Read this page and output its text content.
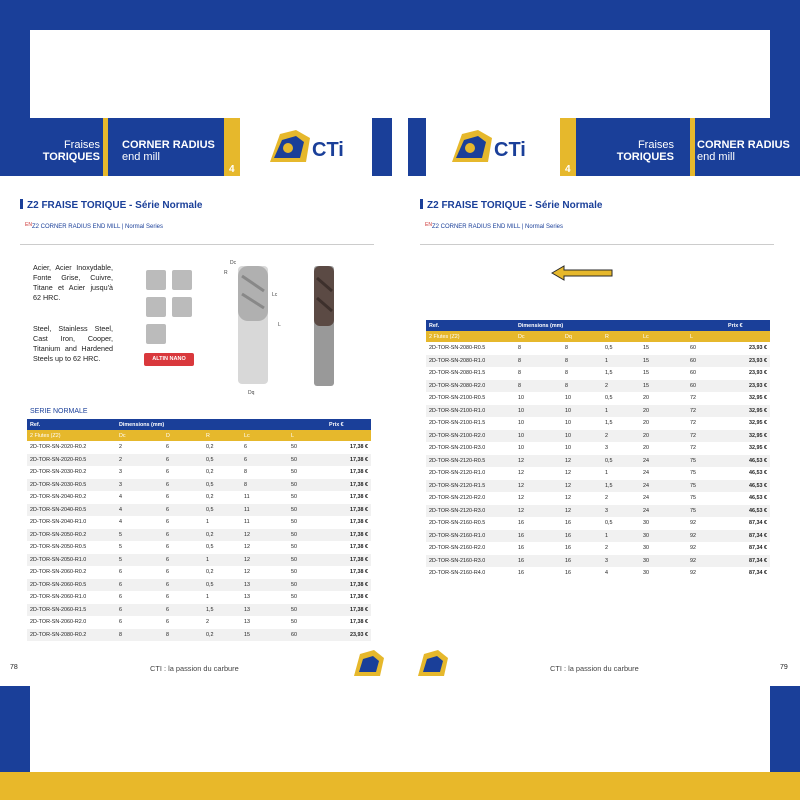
Fraises
TORIQUES
CORNER RADIUS
end mill
4
CTi
Z2 FRAISE TORIQUE - Série Normale
$^{EN}$Z2 CORNER RADIUS END MILL | Normal Series
Acier, Acier Inoxydable, Fonte Grise, Cuivre, Titane et Acier jusqu'à 62 HRC.
Steel, Stainless Steel, Cast Iron, Cooper, Titanium and Hardened Steels up to 62 HRC.	ALTIN NANO
Dc
R
Lc
L
Dq
SERIE NORMALE
Ref.	Dimensions (mm)					Prix €
2 Flutes (Z2)	Dc	D	R	Lc	L	
2D-TOR-SN-2020-R0.2	2	6	0,2	6	50	17,38 €
2D-TOR-SN-2020-R0.5	2	6	0,5	6	50	17,38 €
2D-TOR-SN-2030-R0.2	3	6	0,2	8	50	17,38 €
2D-TOR-SN-2030-R0.5	3	6	0,5	8	50	17,38 €
2D-TOR-SN-2040-R0.2	4	6	0,2	11	50	17,38 €
2D-TOR-SN-2040-R0.5	4	6	0,5	11	50	17,38 €
2D-TOR-SN-2040-R1.0	4	6	1	11	50	17,38 €
2D-TOR-SN-2050-R0.2	5	6	0,2	12	50	17,38 €
2D-TOR-SN-2050-R0.5	5	6	0,5	12	50	17,38 €
2D-TOR-SN-2050-R1.0	5	6	1	12	50	17,38 €
2D-TOR-SN-2060-R0.2	6	6	0,2	12	50	17,38 €
2D-TOR-SN-2060-R0.5	6	6	0,5	13	50	17,38 €
2D-TOR-SN-2060-R1.0	6	6	1	13	50	17,38 €
2D-TOR-SN-2060-R1.5	6	6	1,5	13	50	17,38 €
2D-TOR-SN-2060-R2.0	6	6	2	13	50	17,38 €
2D-TOR-SN-2080-R0.2	8	8	0,2	15	60	23,93 €
78	CTI : la passion du carbure
CTi
4
Fraises
TORIQUES
CORNER RADIUS
end mill
Z2 FRAISE TORIQUE - Série Normale
$^{EN}$Z2 CORNER RADIUS END MILL | Normal Series
Ref.	Dimensions (mm)					Prix €
2 Flutes (Z2)	Dc	Dq	R	Lc	L	
2D-TOR-SN-2080-R0.5	8	8	0,5	15	60	23,93 €
2D-TOR-SN-2080-R1.0	8	8	1	15	60	23,93 €
2D-TOR-SN-2080-R1.5	8	8	1,5	15	60	23,93 €
2D-TOR-SN-2080-R2.0	8	8	2	15	60	23,93 €
2D-TOR-SN-2100-R0.5	10	10	0,5	20	72	32,95 €
2D-TOR-SN-2100-R1.0	10	10	1	20	72	32,95 €
2D-TOR-SN-2100-R1.5	10	10	1,5	20	72	32,95 €
2D-TOR-SN-2100-R2.0	10	10	2	20	72	32,95 €
2D-TOR-SN-2100-R3.0	10	10	3	20	72	32,95 €
2D-TOR-SN-2120-R0.5	12	12	0,5	24	75	46,53 €
2D-TOR-SN-2120-R1.0	12	12	1	24	75	46,53 €
2D-TOR-SN-2120-R1.5	12	12	1,5	24	75	46,53 €
2D-TOR-SN-2120-R2.0	12	12	2	24	75	46,53 €
2D-TOR-SN-2120-R3.0	12	12	3	24	75	46,53 €
2D-TOR-SN-2160-R0.5	16	16	0,5	30	92	87,34 €
2D-TOR-SN-2160-R1.0	16	16	1	30	92	87,34 €
2D-TOR-SN-2160-R2.0	16	16	2	30	92	87,34 €
2D-TOR-SN-2160-R3.0	16	16	3	30	92	87,34 €
2D-TOR-SN-2160-R4.0	16	16	4	30	92	87,34 €
CTI : la passion du carbure	79
